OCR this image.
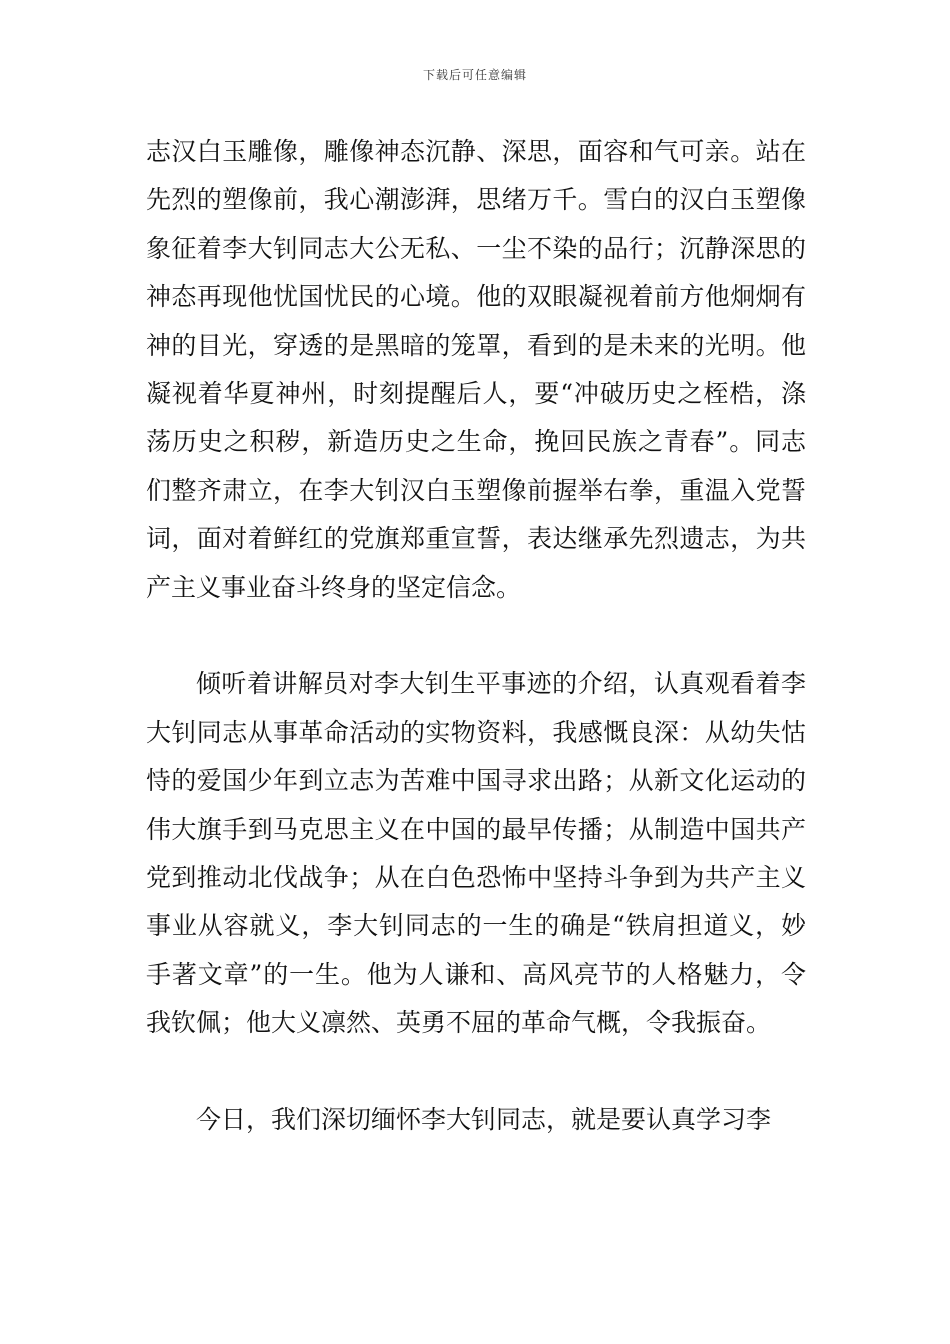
下载后可任意编辑

志汉白玉雕像，雕像神态沉静、深思，面容和气可亲。站在先烈的塑像前，我心潮澎湃，思绪万千。雪白的汉白玉塑像象征着李大钊同志大公无私、一尘不染的品行；沉静深思的神态再现他忧国忧民的心境。他的双眼凝视着前方他炯炯有神的目光，穿透的是黑暗的笼罩，看到的是未来的光明。他凝视着华夏神州，时刻提醒后人，要“冲破历史之桎梏，涤荡历史之积秽，新造历史之生命，挽回民族之青春”。同志们整齐肃立，在李大钊汉白玉塑像前握举右拳，重温入党誓词，面对着鲜红的党旗郑重宣誓，表达继承先烈遗志，为共产主义事业奋斗终身的坚定信念。

倾听着讲解员对李大钊生平事迹的介绍，认真观看着李大钊同志从事革命活动的实物资料，我感慨良深：从幼失怙恃的爱国少年到立志为苦难中国寻求出路；从新文化运动的伟大旗手到马克思主义在中国的最早传播；从制造中国共产党到推动北伐战争；从在白色恐怖中坚持斗争到为共产主义事业从容就义，李大钊同志的一生的确是“铁肩担道义，妙手著文章”的一生。他为人谦和、高风亮节的人格魅力，令我钦佩；他大义凛然、英勇不屈的革命气概，令我振奋。

今日，我们深切缅怀李大钊同志，就是要认真学习李
